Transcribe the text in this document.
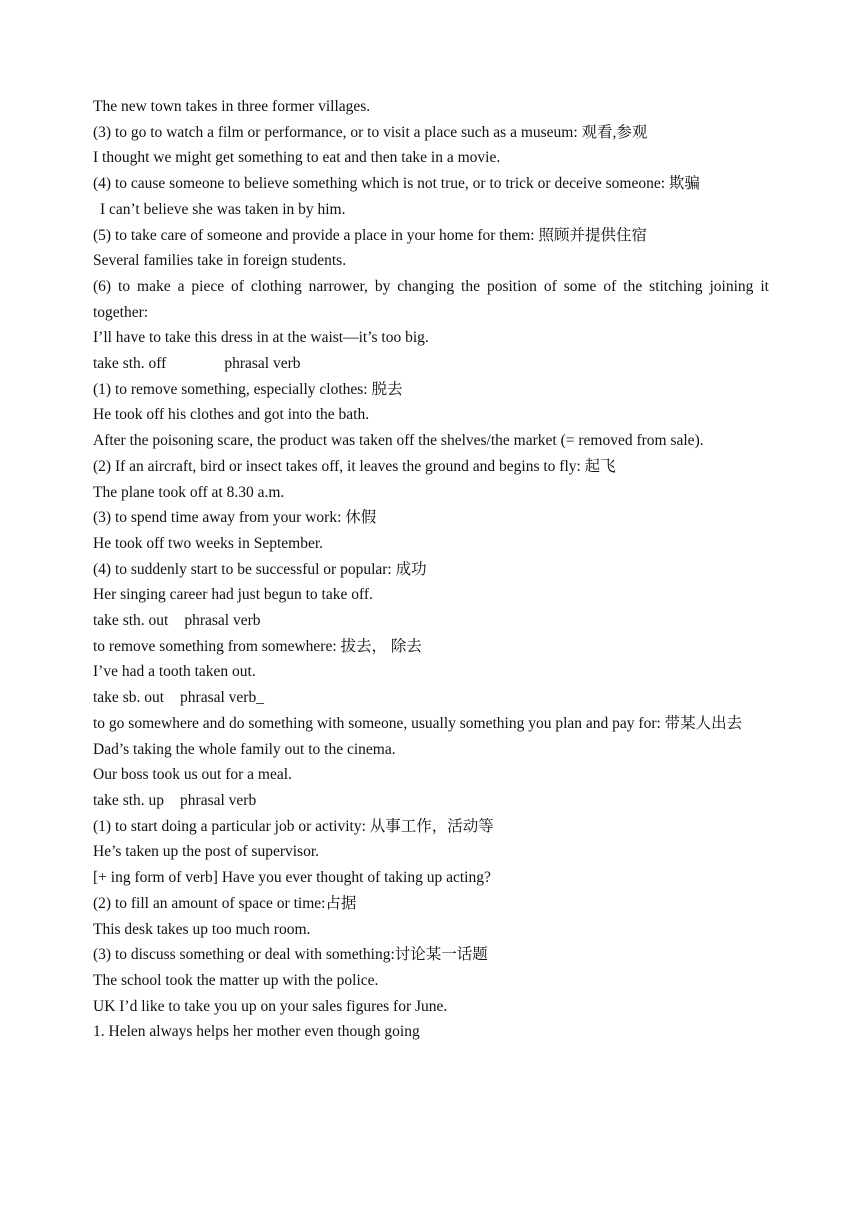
The new town takes in three former villages.
(3) to go to watch a film or performance, or to visit a place such as a museum: 观看,参观
I thought we might get something to eat and then take in a movie.
(4) to cause someone to believe something which is not true, or to trick or deceive someone: 欺骗
I can’t believe she was taken in by him.
(5) to take care of someone and provide a place in your home for them: 照顾并提供住宿
Several families take in foreign students.
(6) to make a piece of clothing narrower, by changing the position of some of the stitching joining it together:
I’ll have to take this dress in at the waist—it’s too big.
take sth. off	phrasal verb
(1) to remove something, especially clothes: 脱去
He took off his clothes and got into the bath.
After the poisoning scare, the product was taken off the shelves/the market (= removed from sale).
(2) If an aircraft, bird or insect takes off, it leaves the ground and begins to fly: 起飞
The plane took off at 8.30 a.m.
(3) to spend time away from your work: 休假
He took off two weeks in September.
(4) to suddenly start to be successful or popular: 成功
Her singing career had just begun to take off.
take sth. out phrasal verb
to remove something from somewhere: 拔去， 除去
I’ve had a tooth taken out.
take sb. out phrasal verb_
to go somewhere and do something with someone, usually something you plan and pay for: 带某人出去
Dad’s taking the whole family out to the cinema.
Our boss took us out for a meal.
take sth. up phrasal verb
(1) to start doing a particular job or activity: 从事工作，活动等
He’s taken up the post of supervisor.
[+ ing form of verb] Have you ever thought of taking up acting?
(2) to fill an amount of space or time:占据
This desk takes up too much room.
(3) to discuss something or deal with something:讨论某一话题
The school took the matter up with the police.
UK I’d like to take you up on your sales figures for June.
1. Helen always helps her mother even though going
